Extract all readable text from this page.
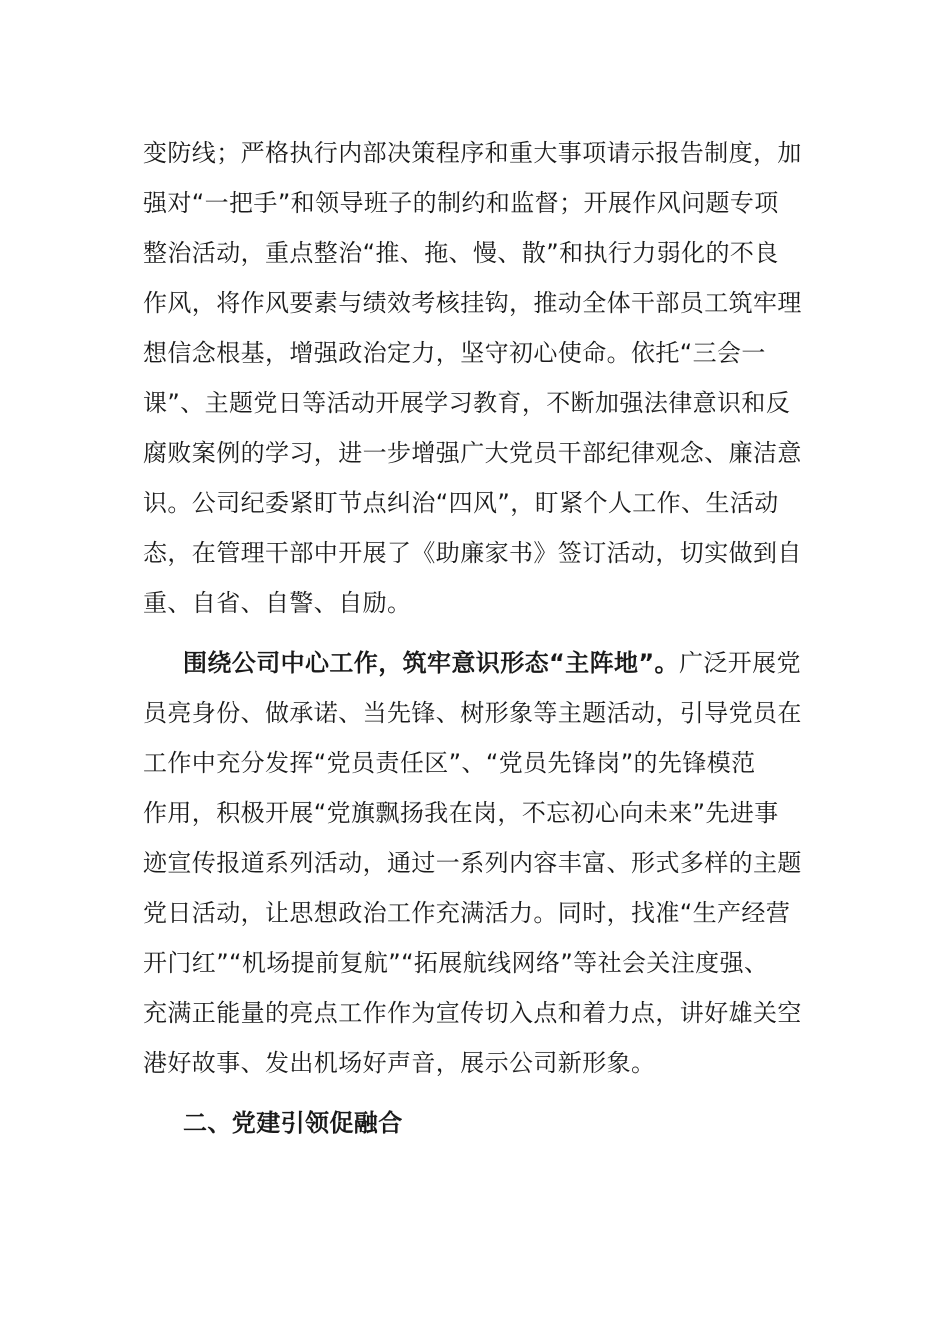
变防线；严格执行内部决策程序和重大事项请示报告制度，加
强对“一把手”和领导班子的制约和监督；开展作风问题专项
整治活动，重点整治“推、拖、慢、散”和执行力弱化的不良
作风，将作风要素与绩效考核挂钩，推动全体干部员工筑牢理
想信念根基，增强政治定力，坚守初心使命。依托“三会一
课”、主题党日等活动开展学习教育，不断加强法律意识和反
腐败案例的学习，进一步增强广大党员干部纪律观念、廉洁意
识。公司纪委紧盯节点纠治“四风”，盯紧个人工作、生活动
态，在管理干部中开展了《助廉家书》签订活动，切实做到自
重、自省、自警、自励。
围绕公司中心工作，筑牢意识形态“主阵地”。广泛开展党
员亮身份、做承诺、当先锋、树形象等主题活动，引导党员在
工作中充分发挥“党员责任区”、“党员先锋岗”的先锋模范
作用，积极开展“党旗飘扬我在岗，不忘初心向未来”先进事
迹宣传报道系列活动，通过一系列内容丰富、形式多样的主题
党日活动，让思想政治工作充满活力。同时，找准“生产经营
开门红”“机场提前复航”“拓展航线网络”等社会关注度强、
充满正能量的亮点工作作为宣传切入点和着力点，讲好雄关空
港好故事、发出机场好声音，展示公司新形象。
二、党建引领促融合
